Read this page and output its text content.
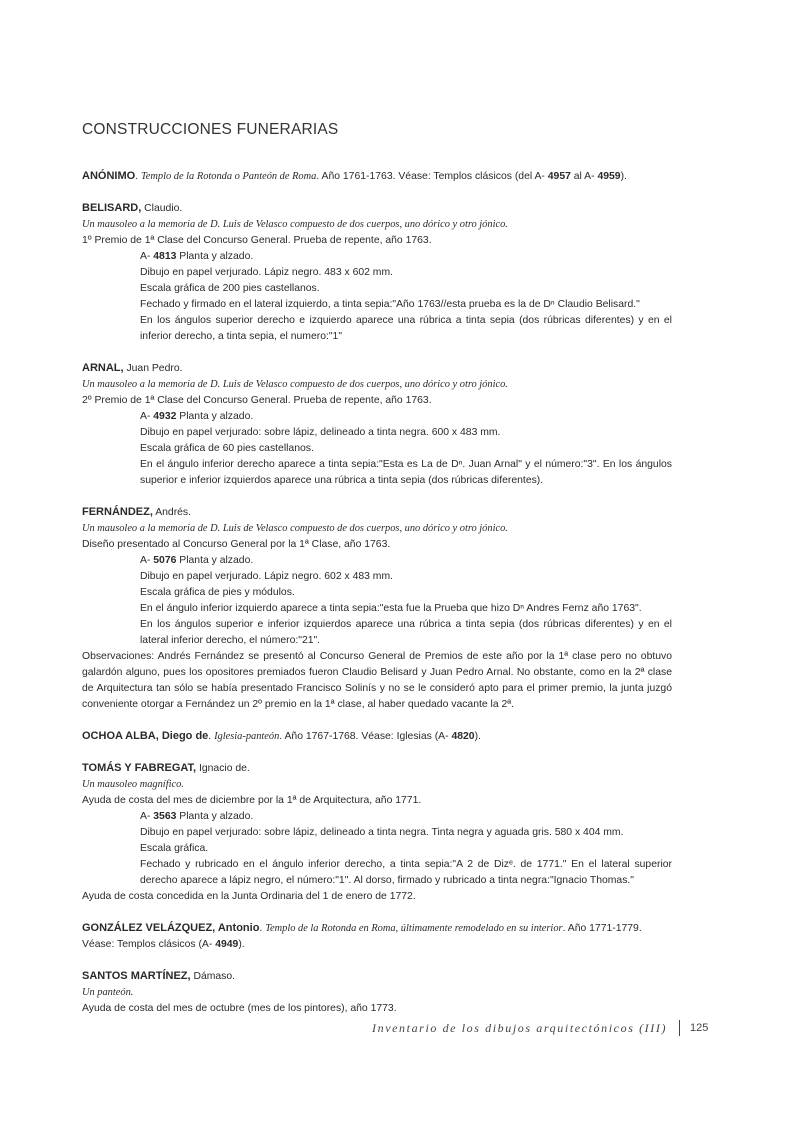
CONSTRUCCIONES FUNERARIAS

ANÓNIMO. Templo de la Rotonda o Panteón de Roma. Año 1761-1763. Véase: Templos clásicos (del A- 4957 al A- 4959).

BELISARD, Claudio.

Un mausoleo a la memoria de D. Luis de Velasco compuesto de dos cuerpos, uno dórico y otro jónico.

1º Premio de 1ª Clase del Concurso General. Prueba de repente, año 1763.

A- 4813 Planta y alzado.

Dibujo en papel verjurado. Lápiz negro. 483 x 602 mm.

Escala gráfica de 200 pies castellanos.

Fechado y firmado en el lateral izquierdo, a tinta sepia:"Año 1763//esta prueba es la de Dⁿ Claudio Belisard."

En los ángulos superior derecho e izquierdo aparece una rúbrica a tinta sepia (dos rúbricas diferentes) y en el inferior derecho, a tinta sepia, el numero:"1"

ARNAL, Juan Pedro.

Un mausoleo a la memoria de D. Luis de Velasco compuesto de dos cuerpos, uno dórico y otro jónico.

2º Premio de 1ª Clase del Concurso General. Prueba de repente, año 1763.

A- 4932 Planta y alzado.

Dibujo en papel verjurado: sobre lápiz, delineado a tinta negra. 600 x 483 mm.

Escala gráfica de 60 pies castellanos.

En el ángulo inferior derecho aparece a tinta sepia:"Esta es La de Dⁿ. Juan Arnal" y el número:"3". En los ángulos superior e inferior izquierdos aparece una rúbrica a tinta sepia (dos rúbricas diferentes).

FERNÁNDEZ, Andrés.

Un mausoleo a la memoria de D. Luis de Velasco compuesto de dos cuerpos, uno dórico y otro jónico.

Diseño presentado al Concurso General por la 1ª Clase, año 1763.

A- 5076 Planta y alzado.

Dibujo en papel verjurado. Lápiz negro. 602 x 483 mm.

Escala gráfica de pies y módulos.

En el ángulo inferior izquierdo aparece a tinta sepia:"esta fue la Prueba que hizo Dⁿ Andres Fernz año 1763".

En los ángulos superior e inferior izquierdos aparece una rúbrica a tinta sepia (dos rúbricas diferentes) y en el lateral inferior derecho, el número:"21".

Observaciones: Andrés Fernández se presentó al Concurso General de Premios de este año por la 1ª clase pero no obtuvo galardón alguno, pues los opositores premiados fueron Claudio Belisard y Juan Pedro Arnal. No obstante, como en la 2ª clase de Arquitectura tan sólo se había presentado Francisco Solinís y no se le consideró apto para el primer premio, la junta juzgó conveniente otorgar a Fernández un 2º premio en la 1ª clase, al haber quedado vacante la 2ª.

OCHOA ALBA, Diego de. Iglesia-panteón. Año 1767-1768. Véase: Iglesias (A- 4820).

TOMÁS Y FABREGAT, Ignacio de.

Un mausoleo magnífico.

Ayuda de costa del mes de diciembre por la 1ª de Arquitectura, año 1771.

A- 3563 Planta y alzado.

Dibujo en papel verjurado: sobre lápiz, delineado a tinta negra. Tinta negra y aguada gris. 580 x 404 mm.

Escala gráfica.

Fechado y rubricado en el ángulo inferior derecho, a tinta sepia:"A 2 de Dizᵉ. de 1771." En el lateral superior derecho aparece a lápiz negro, el número:"1". Al dorso, firmado y rubricado a tinta negra:"Ignacio Thomas."

Ayuda de costa concedida en la Junta Ordinaria del 1 de enero de 1772.

GONZÁLEZ VELÁZQUEZ, Antonio. Templo de la Rotonda en Roma, últimamente remodelado en su interior. Año 1771-1779. Véase: Templos clásicos (A- 4949).

SANTOS MARTÍNEZ, Dámaso.

Un panteón.

Ayuda de costa del mes de octubre (mes de los pintores), año 1773.

Inventario de los dibujos arquitectónicos (III) 125
